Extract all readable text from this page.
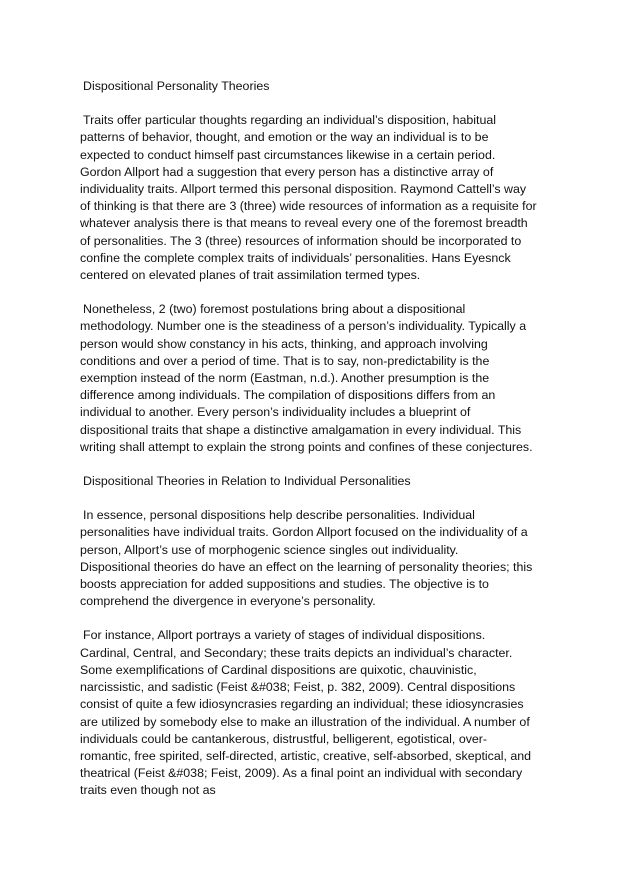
Dispositional Personality Theories

Traits offer particular thoughts regarding an individual’s disposition, habitual
patterns of behavior, thought, and emotion or the way an individual is to be
expected to conduct himself past circumstances likewise in a certain period.
Gordon Allport had a suggestion that every person has a distinctive array of
individuality traits. Allport termed this personal disposition. Raymond Cattell’s way
of thinking is that there are 3 (three) wide resources of information as a requisite for
whatever analysis there is that means to reveal every one of the foremost breadth
of personalities. The 3 (three) resources of information should be incorporated to
confine the complete complex traits of individuals’ personalities. Hans Eyesnck
centered on elevated planes of trait assimilation termed types.

Nonetheless, 2 (two) foremost postulations bring about a dispositional
methodology. Number one is the steadiness of a person’s individuality. Typically a
person would show constancy in his acts, thinking, and approach involving
conditions and over a period of time. That is to say, non-predictability is the
exemption instead of the norm (Eastman, n.d.). Another presumption is the
difference among individuals. The compilation of dispositions differs from an
individual to another. Every person’s individuality includes a blueprint of
dispositional traits that shape a distinctive amalgamation in every individual. This
writing shall attempt to explain the strong points and confines of these conjectures.

Dispositional Theories in Relation to Individual Personalities

In essence, personal dispositions help describe personalities. Individual
personalities have individual traits. Gordon Allport focused on the individuality of a
person, Allport’s use of morphogenic science singles out individuality.
Dispositional theories do have an effect on the learning of personality theories; this
boosts appreciation for added suppositions and studies. The objective is to
comprehend the divergence in everyone’s personality.

For instance, Allport portrays a variety of stages of individual dispositions.
Cardinal, Central, and Secondary; these traits depicts an individual’s character.
Some exemplifications of Cardinal dispositions are quixotic, chauvinistic,
narcissistic, and sadistic (Feist &#038; Feist, p. 382, 2009). Central dispositions
consist of quite a few idiosyncrasies regarding an individual; these idiosyncrasies
are utilized by somebody else to make an illustration of the individual. A number of
individuals could be cantankerous, distrustful, belligerent, egotistical, over-
romantic, free spirited, self-directed, artistic, creative, self-absorbed, skeptical, and
theatrical (Feist &#038; Feist, 2009). As a final point an individual with secondary
traits even though not as
